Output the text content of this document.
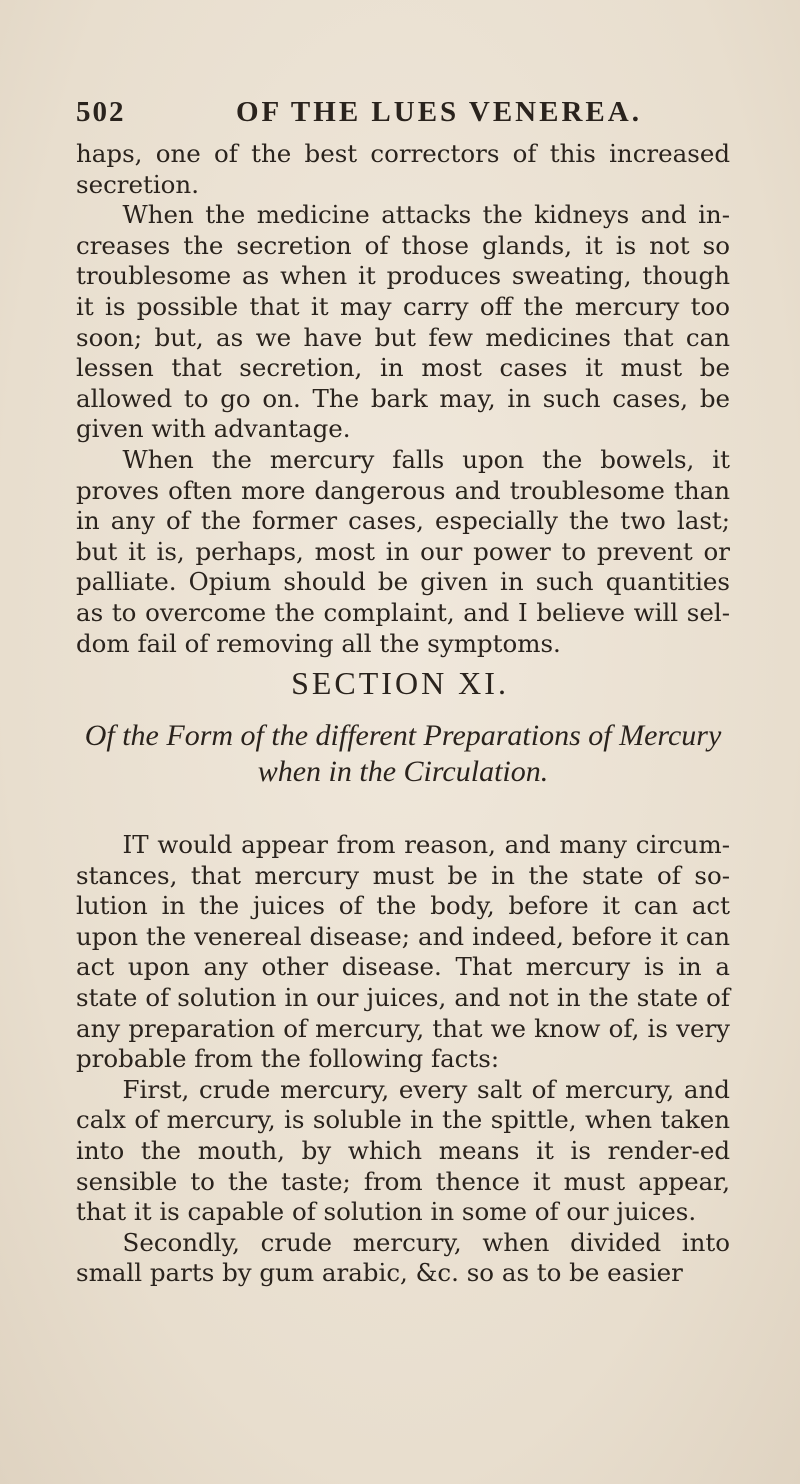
502	OF THE LUES VENEREA.

haps, one of the best correctors of this increased secretion.

When the medicine attacks the kidneys and in-creases the secretion of those glands, it is not so troublesome as when it produces sweating, though it is possible that it may carry off the mercury too soon; but, as we have but few medicines that can lessen that secretion, in most cases it must be allowed to go on. The bark may, in such cases, be given with advantage.

When the mercury falls upon the bowels, it proves often more dangerous and troublesome than in any of the former cases, especially the two last; but it is, perhaps, most in our power to prevent or palliate. Opium should be given in such quantities as to overcome the complaint, and I believe will sel-dom fail of removing all the symptoms.

SECTION XI.
Of the Form of the different Preparations of Mercury when in the Circulation.

IT would appear from reason, and many circum-stances, that mercury must be in the state of so-lution in the juices of the body, before it can act upon the venereal disease; and indeed, before it can act upon any other disease. That mercury is in a state of solution in our juices, and not in the state of any preparation of mercury, that we know of, is very probable from the following facts:

First, crude mercury, every salt of mercury, and calx of mercury, is soluble in the spittle, when taken into the mouth, by which means it is render-ed sensible to the taste; from thence it must appear, that it is capable of solution in some of our juices.

Secondly, crude mercury, when divided into small parts by gum arabic, &c. so as to be easier
